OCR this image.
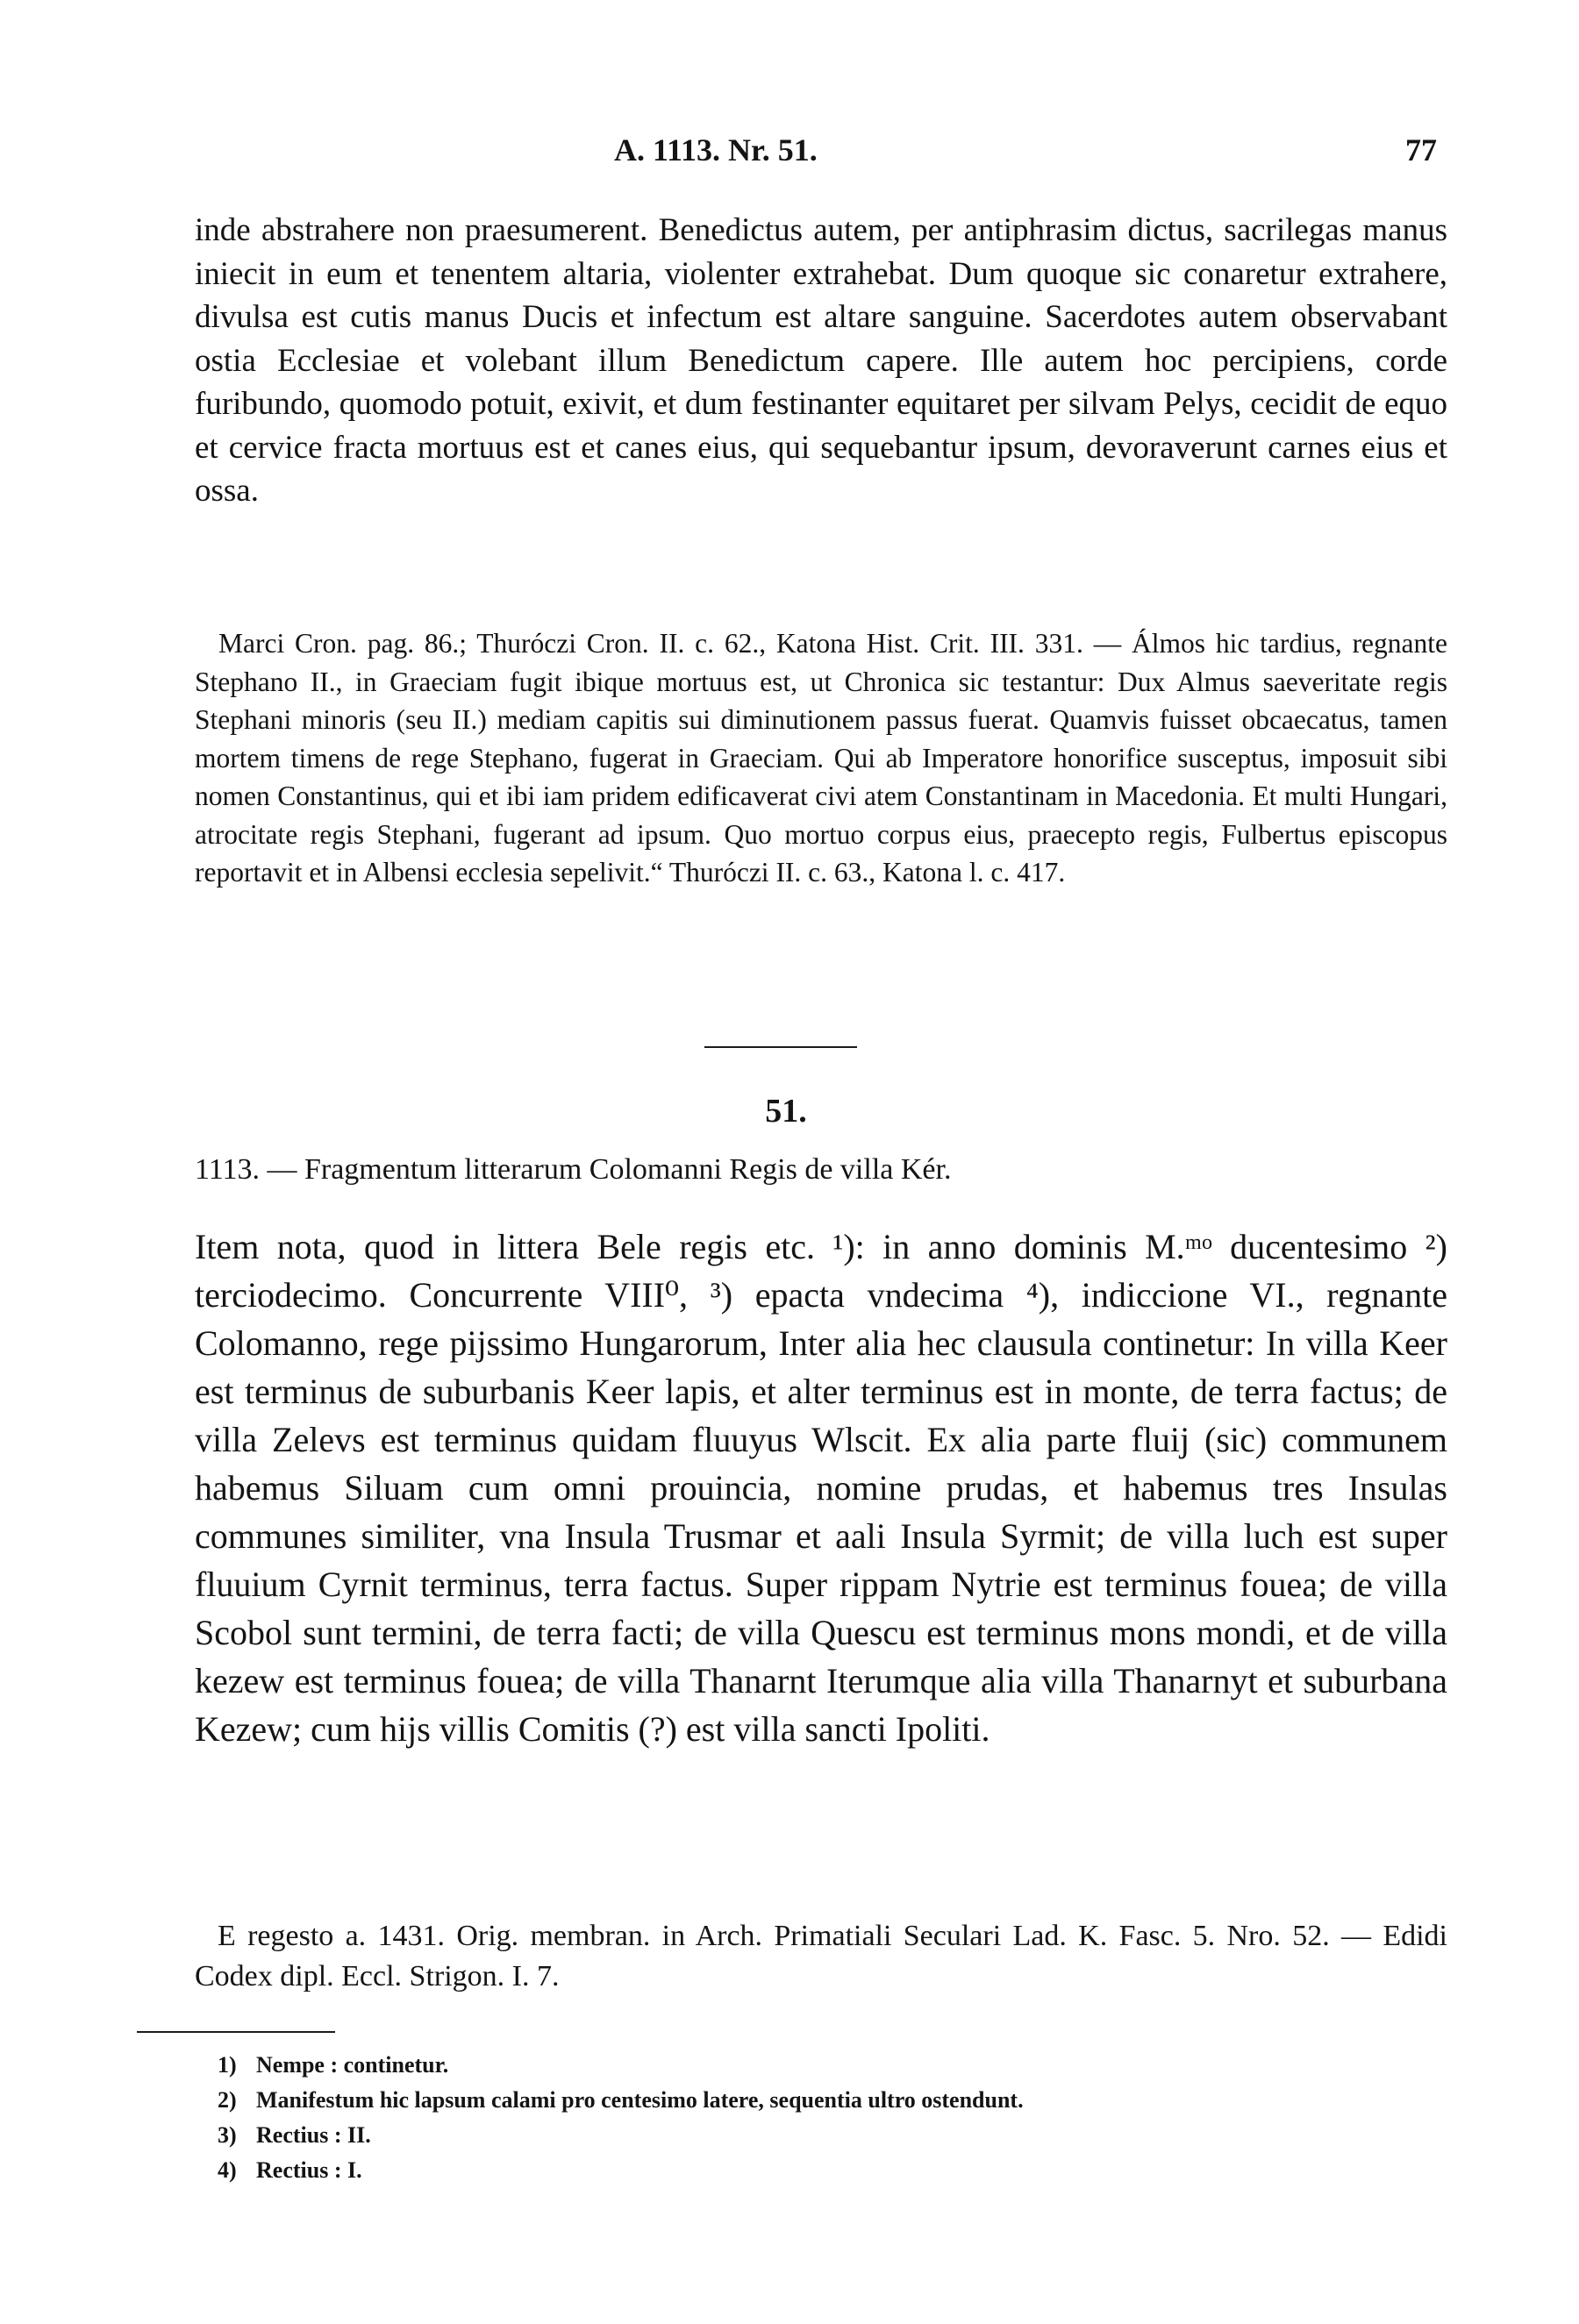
A. 1113. Nr. 51.	77

inde abstrahere non praesumerent. Benedictus autem, per antiphrasim dictus, sacrilegas manus iniecit in eum et tenentem altaria, violenter extrahebat. Dum quoque sic conaretur extrahere, divulsa est cutis manus Ducis et infectum est altare sanguine. Sacerdotes autem observabant ostia Ecclesiae et volebant illum Benedictum capere. Ille autem hoc percipiens, corde furibundo, quomodo potuit, exivit, et dum festinanter equitaret per silvam Pelys, cecidit de equo et cervice fracta mortuus est et canes eius, qui sequebantur ipsum, devoraverunt carnes eius et ossa.

Marci Cron. pag. 86.; Thuróczi Cron. II. c. 62., Katona Hist. Crit. III. 331. — Álmos hic tardius, regnante Stephano II., in Graeciam fugit ibique mortuus est, ut Chronica sic testantur: Dux Almus saeveritate regis Stephani minoris (seu II.) mediam capitis sui diminutionem passus fuerat. Quamvis fuisset obcaecatus, tamen mortem timens de rege Stephano, fugerat in Graeciam. Qui ab Imperatore honorifice susceptus, imposuit sibi nomen Constantinus, qui et ibi iam pridem edificaverat civi atem Constantinam in Macedonia. Et multi Hungari, atrocitate regis Stephani, fugerant ad ipsum. Quo mortuo corpus eius, praecepto regis, Fulbertus episcopus reportavit et in Albensi ecclesia sepelivit.“ Thuróczi II. c. 63., Katona l. c. 417.

51.
1113. — Fragmentum litterarum Colomanni Regis de villa Kér.

Item nota, quod in littera Bele regis etc. ¹): in anno dominis M.ᵐᵒ ducentesimo ²) terciodecimo. Concurrente VIII⁰, ³) epacta vndecima ⁴), indiccione VI., regnante Colomanno, rege pijssimo Hungarorum, Inter alia hec clausula continetur: In villa Keer est terminus de suburbanis Keer lapis, et alter terminus est in monte, de terra factus; de villa Zelevs est terminus quidam fluuyus Wlscit. Ex alia parte fluij (sic) communem habemus Siluam cum omni prouincia, nomine prudas, et habemus tres Insulas communes similiter, vna Insula Trusmar et aali Insula Syrmit; de villa luch est super fluuium Cyrnit terminus, terra factus. Super rippam Nytrie est terminus fouea; de villa Scobol sunt termini, de terra facti; de villa Quescu est terminus mons mondi, et de villa kezew est terminus fouea; de villa Thanarnt Iterumque alia villa Thanarnyt et suburbana Kezew; cum hijs villis Comitis (?) est villa sancti Ipoliti.

E regesto a. 1431. Orig. membran. in Arch. Primatiali Seculari Lad. K. Fasc. 5. Nro. 52. — Edidi Codex dipl. Eccl. Strigon. I. 7.

1) Nempe : continetur.
2) Manifestum hic lapsum calami pro centesimo latere, sequentia ultro ostendunt.
3) Rectius : II.
4) Rectius : I.
